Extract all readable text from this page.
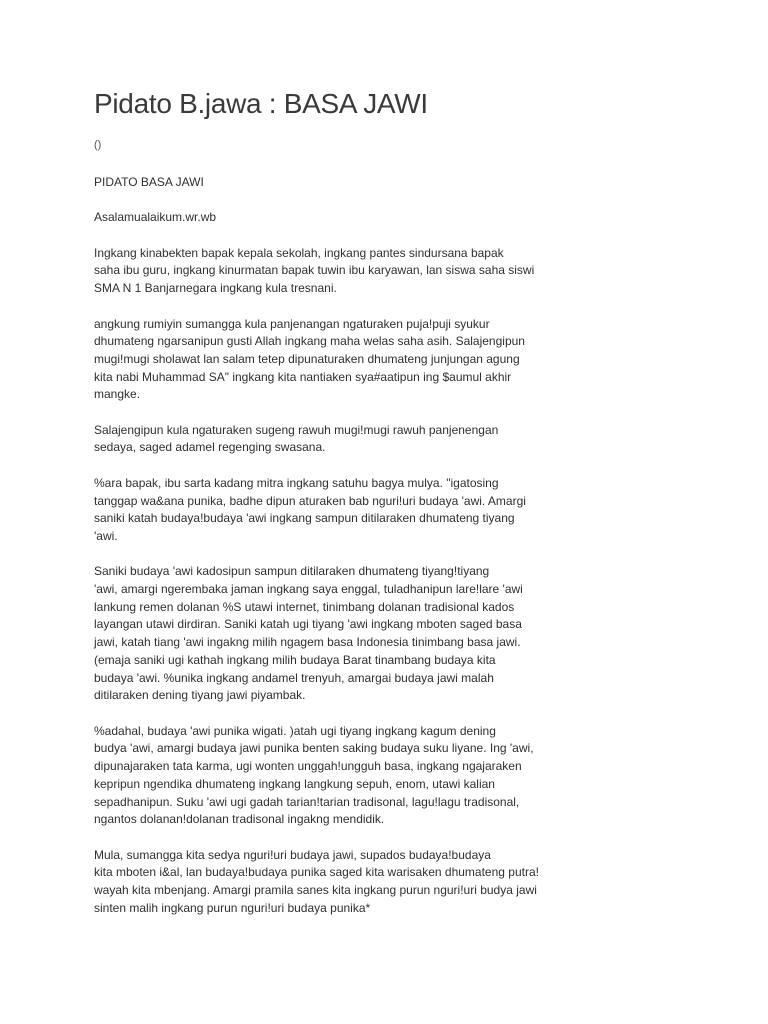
Pidato B.jawa : BASA JAWI
()

PIDATO BASA JAWI

Asalamualaikum.wr.wb

Ingkang kinabekten bapak kepala sekolah, ingkang pantes sindursana bapak
saha ibu guru, ingkang kinurmatan bapak tuwin ibu karyawan, lan siswa saha siswi
SMA N 1 Banjarnegara ingkang kula tresnani.

angkung rumiyin sumangga kula panjenangan ngaturaken puja!puji syukur
dhumateng ngarsanipun gusti Allah ingkang maha welas saha asih. Salajengipun
mugi!mugi sholawat lan salam tetep dipunaturaken dhumateng junjungan agung
kita nabi Muhammad SA" ingkang kita nantiaken sya#aatipun ing $aumul akhir
mangke.

Salajengipun kula ngaturaken sugeng rawuh mugi!mugi rawuh panjenengan
sedaya, saged adamel regenging swasana.

%ara bapak, ibu sarta kadang mitra ingkang satuhu bagya mulya. "igatosing
tanggap wa&ana punika, badhe dipun aturaken bab nguri!uri budaya 'awi. Amargi
saniki katah budaya!budaya 'awi ingkang sampun ditilaraken dhumateng tiyang
'awi.

Saniki budaya 'awi kadosipun sampun ditilaraken dhumateng tiyang!tiyang
'awi, amargi ngerembaka jaman ingkang saya enggal, tuladhanipun lare!lare 'awi
lankung remen dolanan %S utawi internet, tinimbang dolanan tradisional kados
layangan utawi dirdiran. Saniki katah ugi tiyang 'awi ingkang mboten saged basa
jawi, katah tiang 'awi ingakng milih ngagem basa Indonesia tinimbang basa jawi.
(emaja saniki ugi kathah ingkang milih budaya Barat tinambang budaya kita
budaya 'awi. %unika ingkang andamel trenyuh, amargai budaya jawi malah
ditilaraken dening tiyang jawi piyambak.

%adahal, budaya 'awi punika wigati. )atah ugi tiyang ingkang kagum dening
budya 'awi, amargi budaya jawi punika benten saking budaya suku liyane. Ing 'awi,
dipunajaraken tata karma, ugi wonten unggah!ungguh basa, ingkang ngajaraken
kepripun ngendika dhumateng ingkang langkung sepuh, enom, utawi kalian
sepadhanipun. Suku 'awi ugi gadah tarian!tarian tradisonal, lagu!lagu tradisonal,
ngantos dolanan!dolanan tradisonal ingakng mendidik.

Mula, sumangga kita sedya nguri!uri budaya jawi, supados budaya!budaya
kita mboten i&al, lan budaya!budaya punika saged kita warisaken dhumateng putra!
wayah kita mbenjang. Amargi pramila sanes kita ingkang purun nguri!uri budya jawi
sinten malih ingkang purun nguri!uri budaya punika*
